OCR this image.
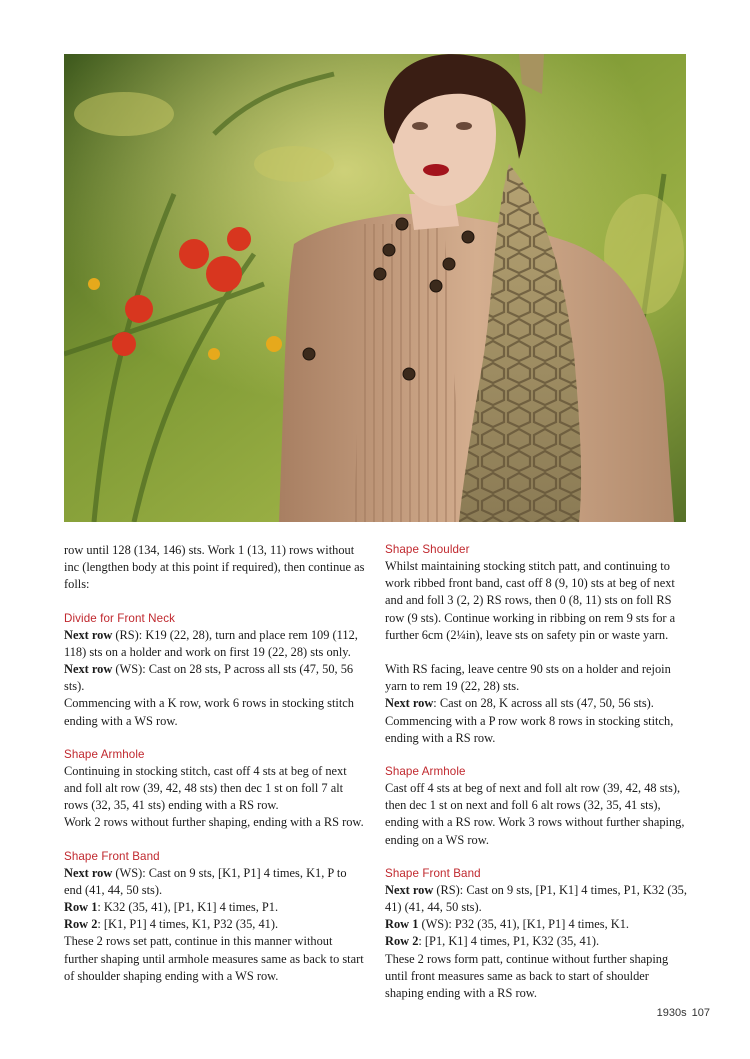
row until 128 (134, 146) sts. Work 1 (13, 11) rows without inc (lengthen body at this point if required), then continue as folls:

Divide for Front Neck

Next row (RS): K19 (22, 28), turn and place rem 109 (112, 118) sts on a holder and work on first 19 (22, 28) sts only.

Next row (WS): Cast on 28 sts, P across all sts (47, 50, 56 sts).

Commencing with a K row, work 6 rows in stocking stitch ending with a WS row.

Shape Armhole

Continuing in stocking stitch, cast off 4 sts at beg of next and foll alt row (39, 42, 48 sts) then dec 1 st on foll 7 alt rows (32, 35, 41 sts) ending with a RS row.

Work 2 rows without further shaping, ending with a RS row.

Shape Front Band

Next row (WS): Cast on 9 sts, [K1, P1] 4 times, K1, P to end (41, 44, 50 sts).

Row 1: K32 (35, 41), [P1, K1] 4 times, P1.

Row 2: [K1, P1] 4 times, K1, P32 (35, 41).

These 2 rows set patt, continue in this manner without further shaping until armhole measures same as back to start of shoulder shaping ending with a WS row.

Shape Shoulder

Whilst maintaining stocking stitch patt, and continuing to work ribbed front band, cast off 8 (9, 10) sts at beg of next and and foll 3 (2, 2) RS rows, then 0 (8, 11) sts on foll RS row (9 sts). Continue working in ribbing on rem 9 sts for a further 6cm (2¼in), leave sts on safety pin or waste yarn.

With RS facing, leave centre 90 sts on a holder and rejoin yarn to rem 19 (22, 28) sts.

Next row: Cast on 28, K across all sts (47, 50, 56 sts).

Commencing with a P row work 8 rows in stocking stitch, ending with a RS row.

Shape Armhole

Cast off 4 sts at beg of next and foll alt row (39, 42, 48 sts), then dec 1 st on next and foll 6 alt rows (32, 35, 41 sts), ending with a RS row. Work 3 rows without further shaping, ending on a WS row.

Shape Front Band

Next row (RS): Cast on 9 sts, [P1, K1] 4 times, P1, K32 (35, 41) (41, 44, 50 sts).

Row 1 (WS): P32 (35, 41), [K1, P1] 4 times, K1.

Row 2: [P1, K1] 4 times, P1, K32 (35, 41).

These 2 rows form patt, continue without further shaping until front measures same as back to start of shoulder shaping ending with a RS row.

1930s 107
